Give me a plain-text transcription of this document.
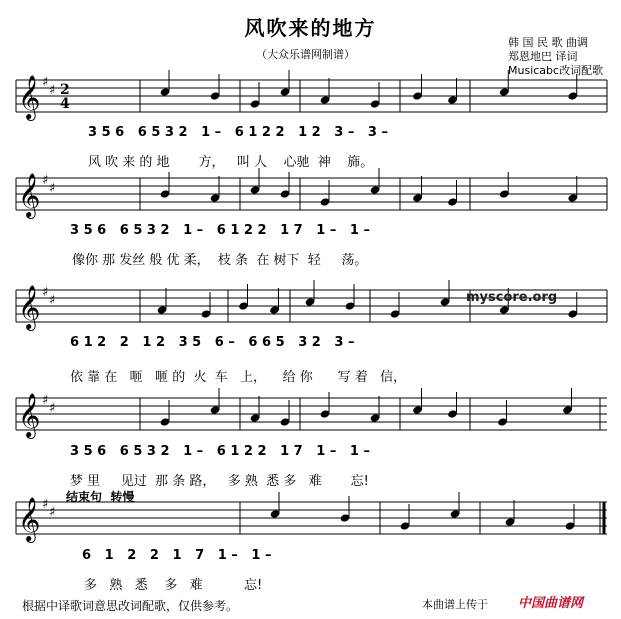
风吹来的地方
（大众乐谱网制谱）
韩 国 民 歌 曲调
郑恩地巴 译词
Musicabc改词配歌
𝄞 ♯
♯
𝄞 ♯
♯
𝄞 ♯
♯
𝄞 ♯
♯
𝄞 ♯
♯
2
4
3 5 6   6 5 3 2   1 –   6 1 2 2   1 2   3 –   3 –
风 吹 来 的 地       方，   叫 人    心驰  神    旆。
3 5 6   6 5 3 2   1 –   6 1 2 2   1 7   1 –   1 –
像你 那 发丝 般 优 柔，  枝 条  在 树下  轻     荡。
6 1 2   2   1 2   3 5   6 –   6 6 5   3 2   3 –
依 靠 在   咂   咂 的  火  车   上，    给 你      写 着   信，
myscore.org
3 5 6   6 5 3 2   1 –   6 1 2 2   1 7   1 –   1 –
梦 里     见过  那 条 路，   多 熟  悉 多   难       忘!
结束句  转慢
6   1   2   2   1   7   1 –   1 –
多   熟   悉    多   难          忘!
根据中译歌词意思改词配歌，仅供参考。	本曲谱上传于 中国曲谱网
